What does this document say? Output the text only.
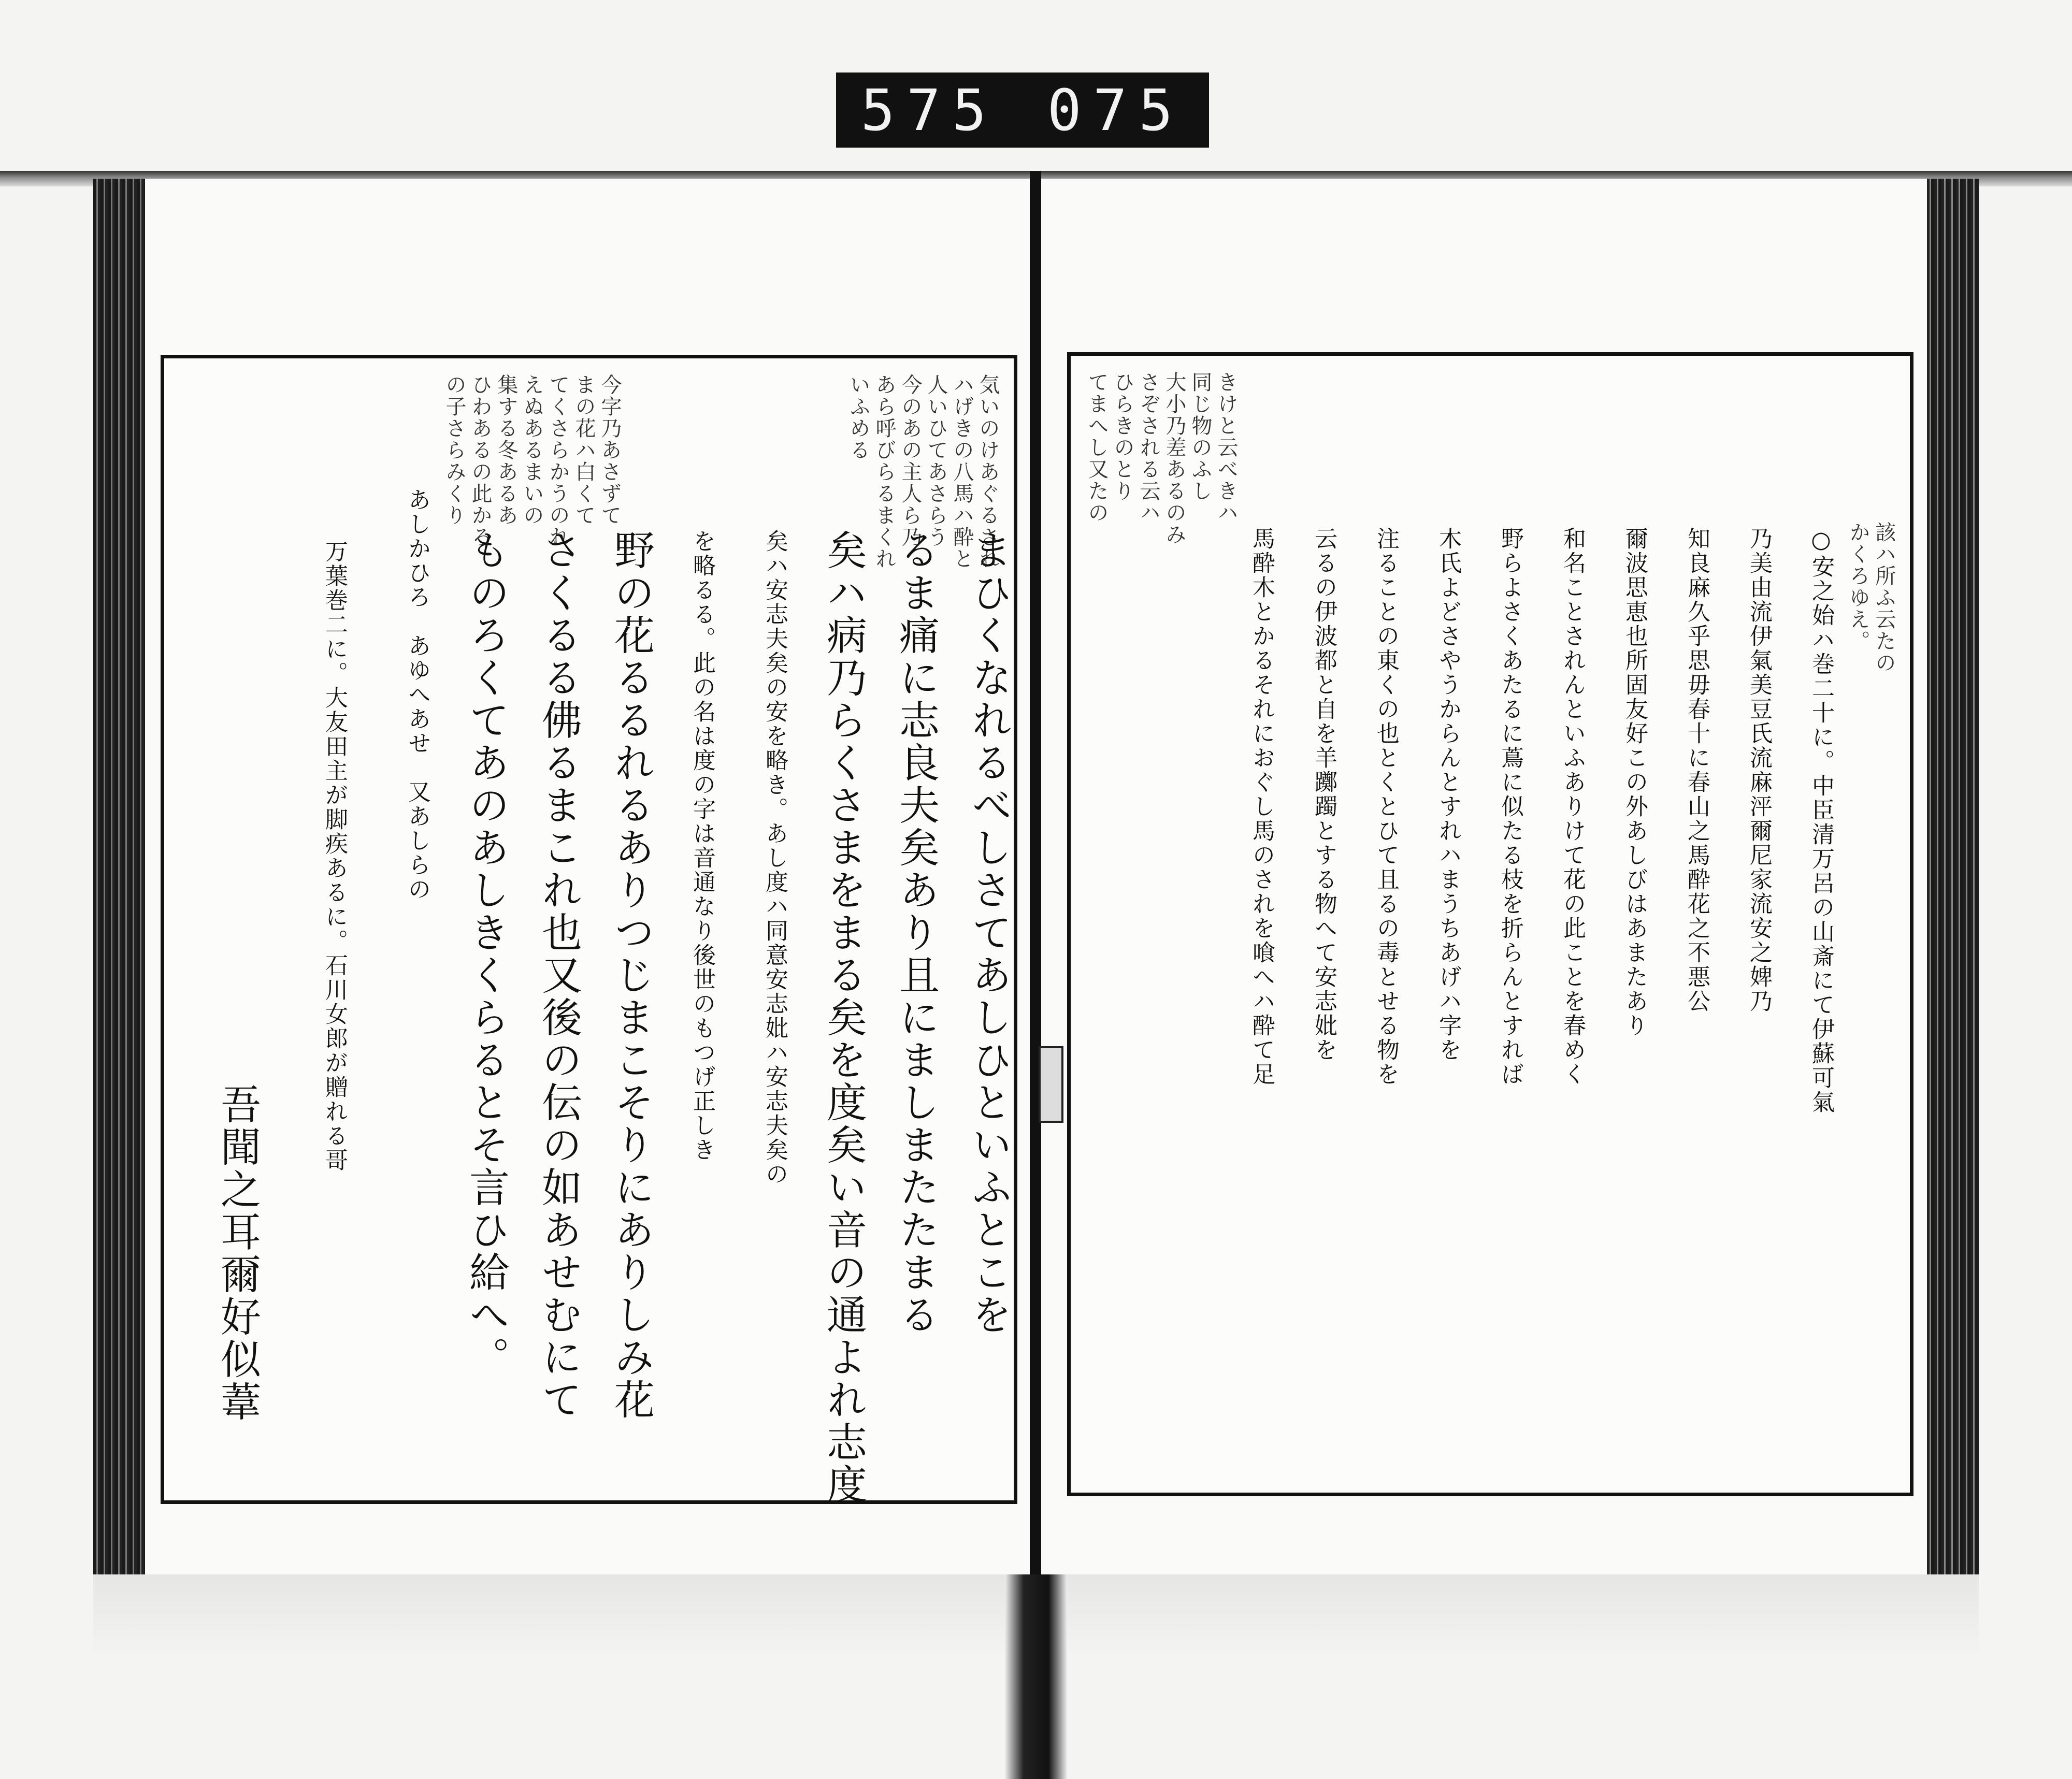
575 075
気いのけあぐるされ
ハげきの八馬ハ酔と
人いひてあさらう
今のあの主人ら乃
あら呼びらるまくれ
いふめる
今字乃あさずて
まの花ハ白くて
てくさらかうのれ
えぬあるまいの
集する冬あるあ
ひわあるの此かろ
の子さらみくり
まひくなれるべしさてあしひといふとこを
るま痛に志良夫矣あり且にましまたたまる
矣ハ病乃らくさまをまる矣を度矣い音の通よれ志度
矣ハ安志夫矣の安を略き。あし度ハ同意安志妣ハ安志夫矣の
を略るる。此の名は度の字は音通なり後世のもつげ正しき
野の花るるれるありつじまこそりにありしみ花
さくるる佛るまこれ也又後の伝の如あせむにて
ものろくてあのあしきくらるとそ言ひ給へ。
あしかひろ　あゆへあせ　又あしらの
万葉巻二に。大友田主が脚疾あるに。石川女郎が贈れる哥
吾聞之耳爾好似葦
てまへし又たの ひらきのとり さぞされる云ハ 大小乃差あるのみ 同じ物のふし きけと云べきハ
該ハ所ふ云たの
かくろゆえ。
○安之始ハ巻二十に。中臣清万呂の山斎にて伊蘇可氣
乃美由流伊氣美豆氏流麻泙爾尼家流安之婢乃
知良麻久乎思毋春十に春山之馬酔花之不悪公
爾波思恵也所固友好この外あしびはあまたあり
和名ことされんといふありけて花の此ことを春めく
野らよさくあたるに蔦に似たる枝を折らんとすれば
木氏よどさやうからんとすれハまうちあげハ字を
注ることの東くの也とくとひて且るの毒とせる物を
云るの伊波都と自を羊躑躅とする物へて安志妣を
馬酔木とかるそれにおぐし馬のされを喰へハ酔て足
